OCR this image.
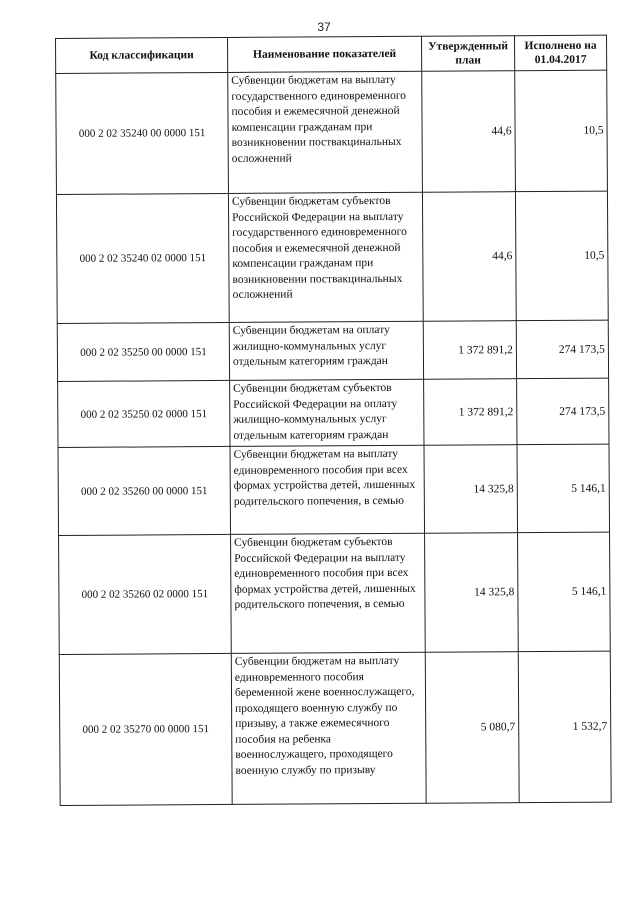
37
Код классификации	Наименование показателей	Утвержденный план	Исполнено на 01.04.2017
000 2 02 35240 00 0000 151	Субвенции бюджетам на выплату государственного единовременного пособия и ежемесячной денежной компенсации гражданам при возникновении поствакцинальных осложнений	44,6	10,5
000 2 02 35240 02 0000 151	Субвенции бюджетам субъектов Российской Федерации на выплату государственного единовременного пособия и ежемесячной денежной компенсации гражданам при возникновении поствакцинальных осложнений	44,6	10,5
000 2 02 35250 00 0000 151	Субвенции бюджетам на оплату жилищно-коммунальных услуг отдельным категориям граждан	1 372 891,2	274 173,5
000 2 02 35250 02 0000 151	Субвенции бюджетам субъектов Российской Федерации на оплату жилищно-коммунальных услуг отдельным категориям граждан	1 372 891,2	274 173,5
000 2 02 35260 00 0000 151	Субвенции бюджетам на выплату единовременного пособия при всех формах устройства детей, лишенных родительского попечения, в семью	14 325,8	5 146,1
000 2 02 35260 02 0000 151	Субвенции бюджетам субъектов Российской Федерации на выплату единовременного пособия при всех формах устройства детей, лишенных родительского попечения, в семью	14 325,8	5 146,1
000 2 02 35270 00 0000 151	Субвенции бюджетам на выплату единовременного пособия беременной жене военнослужащего, проходящего военную службу по призыву, а также ежемесячного пособия на ребенка военнослужащего, проходящего военную службу по призыву	5 080,7	1 532,7
